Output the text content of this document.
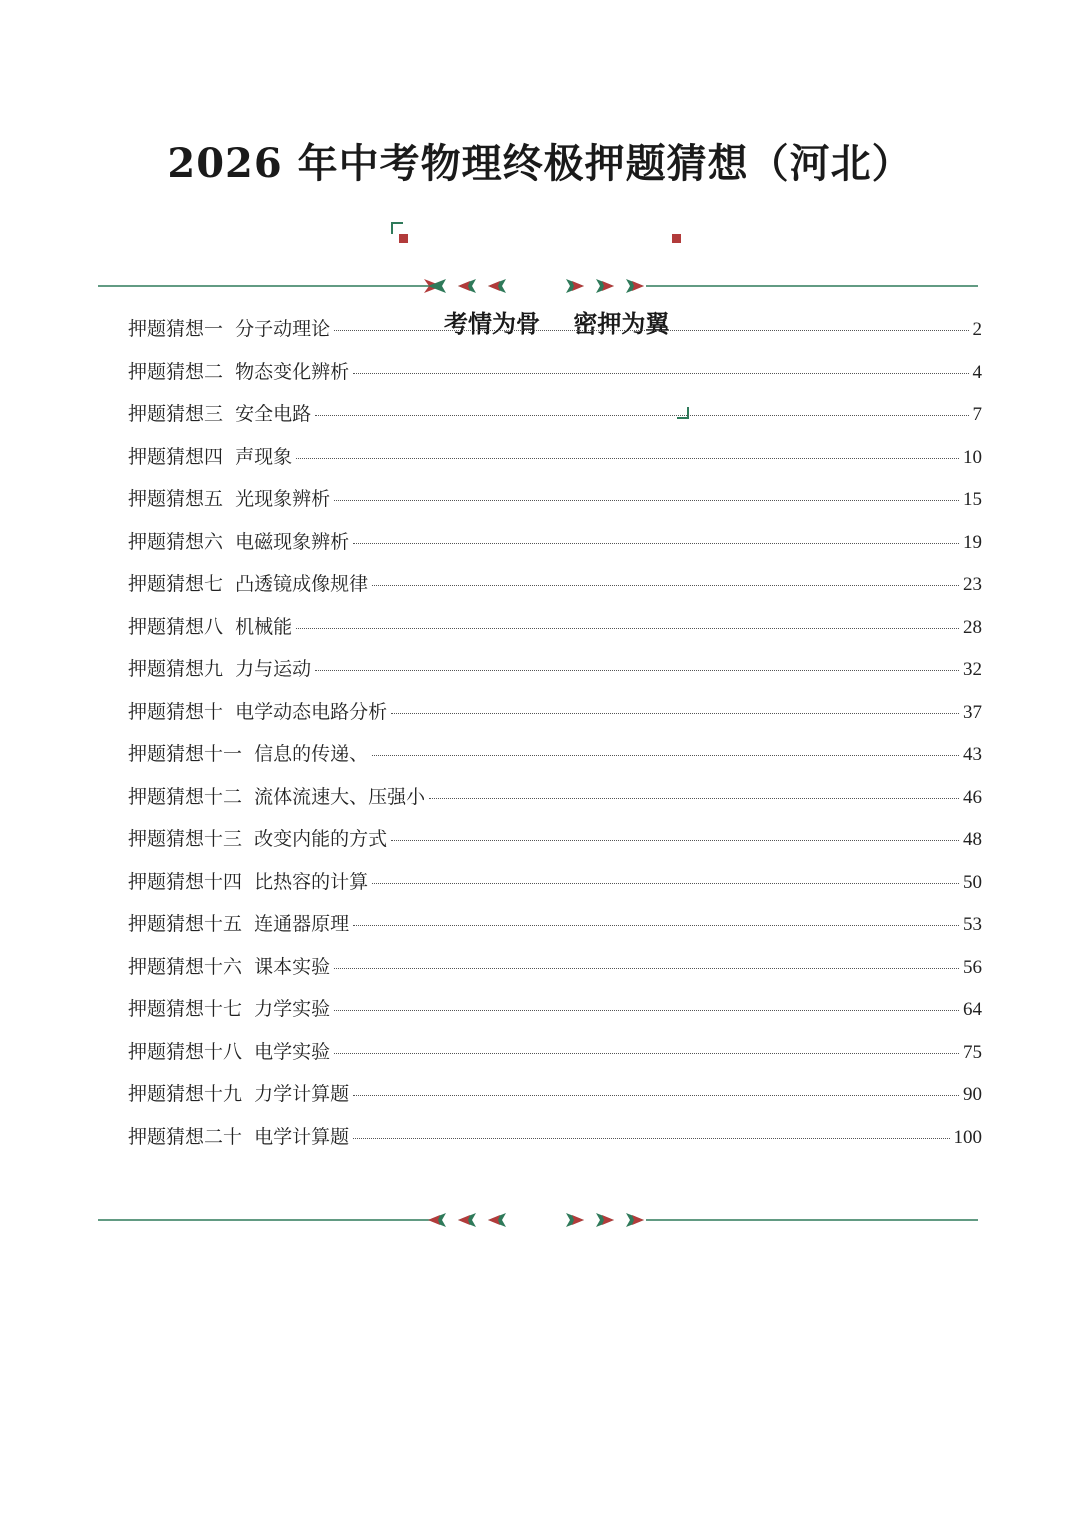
2026 年中考物理终极押题猜想（河北）

考情为骨    密押为翼

押题猜想一  分子动理论	2
押题猜想二  物态变化辨析	4
押题猜想三  安全电路	7
押题猜想四  声现象	10
押题猜想五  光现象辨析	15
押题猜想六  电磁现象辨析	19
押题猜想七  凸透镜成像规律	23
押题猜想八  机械能	28
押题猜想九  力与运动	32
押题猜想十  电学动态电路分析	37
押题猜想十一  信息的传递、	43
押题猜想十二  流体流速大、压强小	46
押题猜想十三  改变内能的方式	48
押题猜想十四  比热容的计算	50
押题猜想十五  连通器原理	53
押题猜想十六  课本实验	56
押题猜想十七  力学实验	64
押题猜想十八  电学实验	75
押题猜想十九  力学计算题	90
押题猜想二十  电学计算题	100
